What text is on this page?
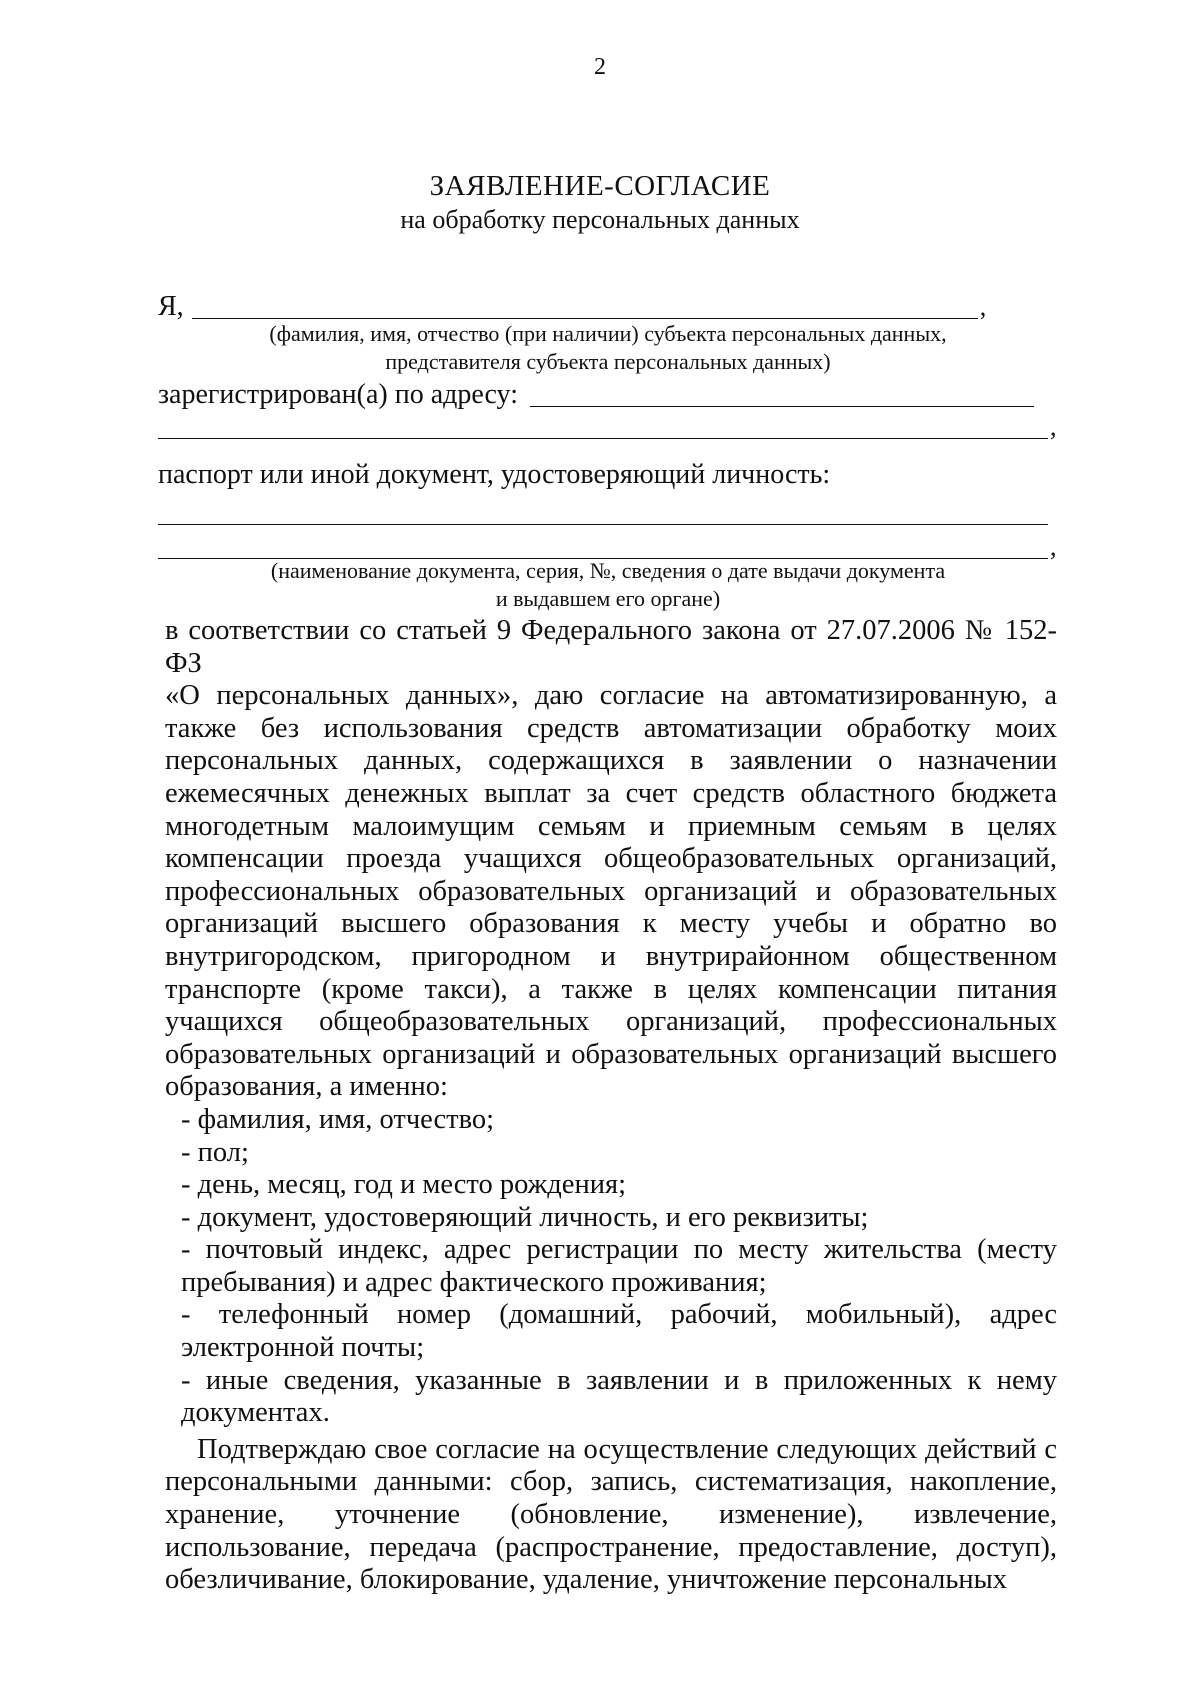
2
ЗАЯВЛЕНИЕ-СОГЛАСИЕ
на обработку персональных данных
Я,	,
(фамилия, имя, отчество (при наличии) субъекта персональных данных,
представителя субъекта персональных данных)
зарегистрирован(а) по адресу:
,
паспорт или иной документ, удостоверяющий личность:
,
(наименование документа, серия, №, сведения о дате выдачи документа
и выдавшем его органе)

в соответствии со статьей 9 Федерального закона от 27.07.2006 № 152-ФЗ

«О персональных данных», даю согласие на автоматизированную, а также без использования средств автоматизации обработку моих персональных данных, содержащихся в заявлении о назначении ежемесячных денежных выплат за счет средств областного бюджета многодетным малоимущим семьям и приемным семьям в целях компенсации проезда учащихся общеобразовательных организаций, профессиональных образовательных организаций и образовательных организаций высшего образования к месту учебы и обратно во внутригородском, пригородном и внутрирайонном общественном транспорте (кроме такси), а также в целях компенсации питания учащихся общеобразовательных организаций, профессиональных образовательных организаций и образовательных организаций высшего образования, а именно:

- фамилия, имя, отчество;

- пол;

- день, месяц, год и место рождения;

- документ, удостоверяющий личность, и его реквизиты;

- почтовый индекс, адрес регистрации по месту жительства (месту пребывания) и адрес фактического проживания;

- телефонный номер (домашний, рабочий, мобильный), адрес электронной почты;

- иные сведения, указанные в заявлении и в приложенных к нему документах.

Подтверждаю свое согласие на осуществление следующих действий с персональными данными: сбор, запись, систематизация, накопление, хранение, уточнение (обновление, изменение), извлечение, использование, передача (распространение, предоставление, доступ), обезличивание, блокирование, удаление, уничтожение персональных
